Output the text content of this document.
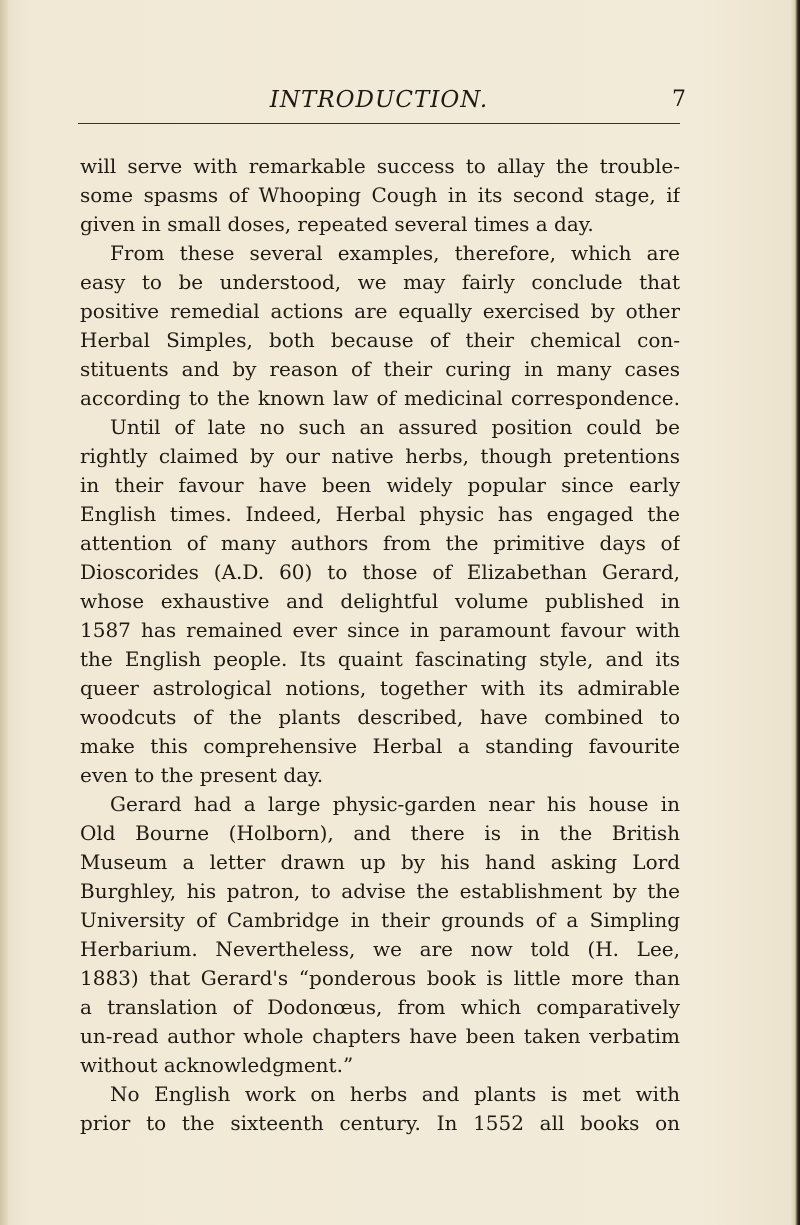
INTRODUCTION.	7
will serve with remarkable success to allay the trouble-
some spasms of Whooping Cough in its second stage, if
given in small doses, repeated several times a day.
From these several examples, therefore, which are
easy to be understood, we may fairly conclude that
positive remedial actions are equally exercised by other
Herbal Simples, both because of their chemical con-
stituents and by reason of their curing in many cases
according to the known law of medicinal correspondence.
Until of late no such an assured position could be
rightly claimed by our native herbs, though pretentions
in their favour have been widely popular since early
English times. Indeed, Herbal physic has engaged the
attention of many authors from the primitive days of
Dioscorides (A.D. 60) to those of Elizabethan Gerard,
whose exhaustive and delightful volume published in
1587 has remained ever since in paramount favour with
the English people. Its quaint fascinating style, and its
queer astrological notions, together with its admirable
woodcuts of the plants described, have combined to
make this comprehensive Herbal a standing favourite
even to the present day.
Gerard had a large physic-garden near his house in
Old Bourne (Holborn), and there is in the British
Museum a letter drawn up by his hand asking Lord
Burghley, his patron, to advise the establishment by the
University of Cambridge in their grounds of a Simpling
Herbarium. Nevertheless, we are now told (H. Lee,
1883) that Gerard's “ponderous book is little more than
a translation of Dodonœus, from which comparatively
un-read author whole chapters have been taken verbatim
without acknowledgment.”
No English work on herbs and plants is met with
prior to the sixteenth century. In 1552 all books on
